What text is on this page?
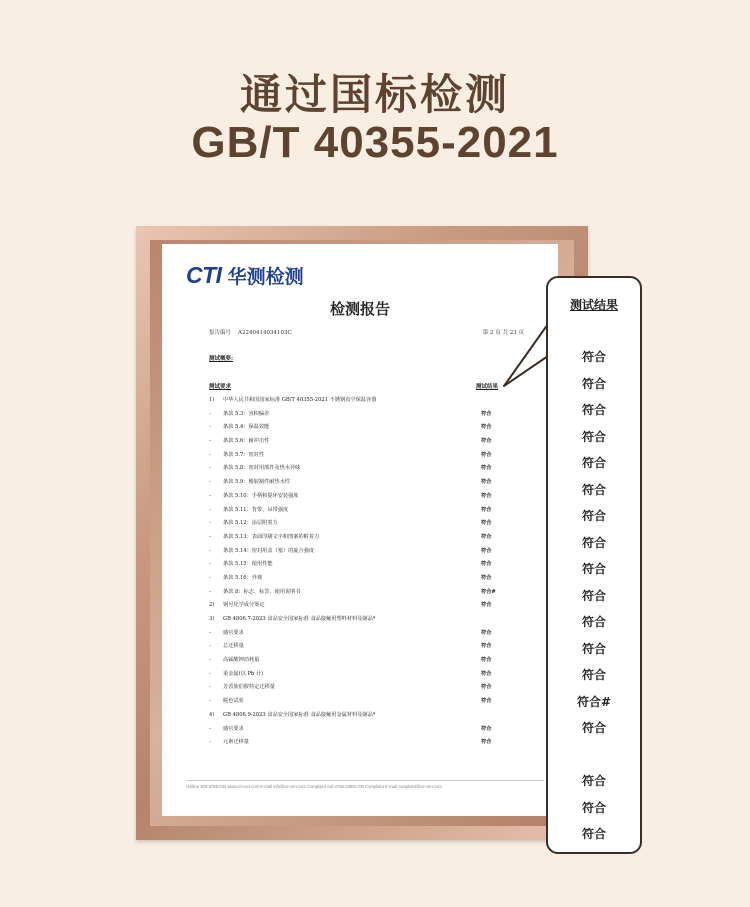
通过国标检测
GB/T 40355-2021
CTI 华测检测
检测报告
报告编号 A2240414034103C	第 2 页 共 23 页
测试概要:
测试要求	测试结果
1) 中华人民共和国国家标准 GB/T 40355-2021 不锈钢真空保温容器
- 条款 5.3：容积偏差	符合
- 条款 5.4：保温效能	符合
- 条款 5.6：耐冲击性	符合
- 条款 5.7：密封性	符合
- 条款 5.8：密封用部件及热水异味	符合
- 条款 5.9：橡胶制件耐热水性	符合
- 条款 5.10：手柄和提环安装强度	符合
- 条款 5.11：背带、吊带强度	符合
- 条款 5.12：涂层附着力	符合
- 条款 5.13：表面印刷文字和图案的附着力	符合
- 条款 5.14：密封用盖（塞）的旋合强度	符合
- 条款 5.15：使用性能	符合
- 条款 5.16：外观	符合
- 条款 8：标志、标签、使用说明书	符合#
2) 钢号化学成分鉴定	符合
3) GB 4806.7-2023 食品安全国家标准 食品接触用塑料材料及制品*
- 感官要求	符合
- 总迁移量	符合
- 高锰酸钾消耗量	符合
- 重金属(以 Pb 计)	符合
- 芳香族伯胺特定迁移量	符合
- 脱色试验	符合
4) GB 4806.9-2023 食品安全国家标准 食品接触用金属材料及制品*
- 感官要求	符合
- 元素迁移量	符合
Hotline 400-6788-333 www.cti-cert.com E-mail info@cti-cert.com Complaint call 0755-33681700 Complaint E-mail complaint@cti-cert.com
测试结果
符合
符合
符合
符合
符合
符合
符合
符合
符合
符合
符合
符合
符合
符合#
符合
符合
符合
符合
